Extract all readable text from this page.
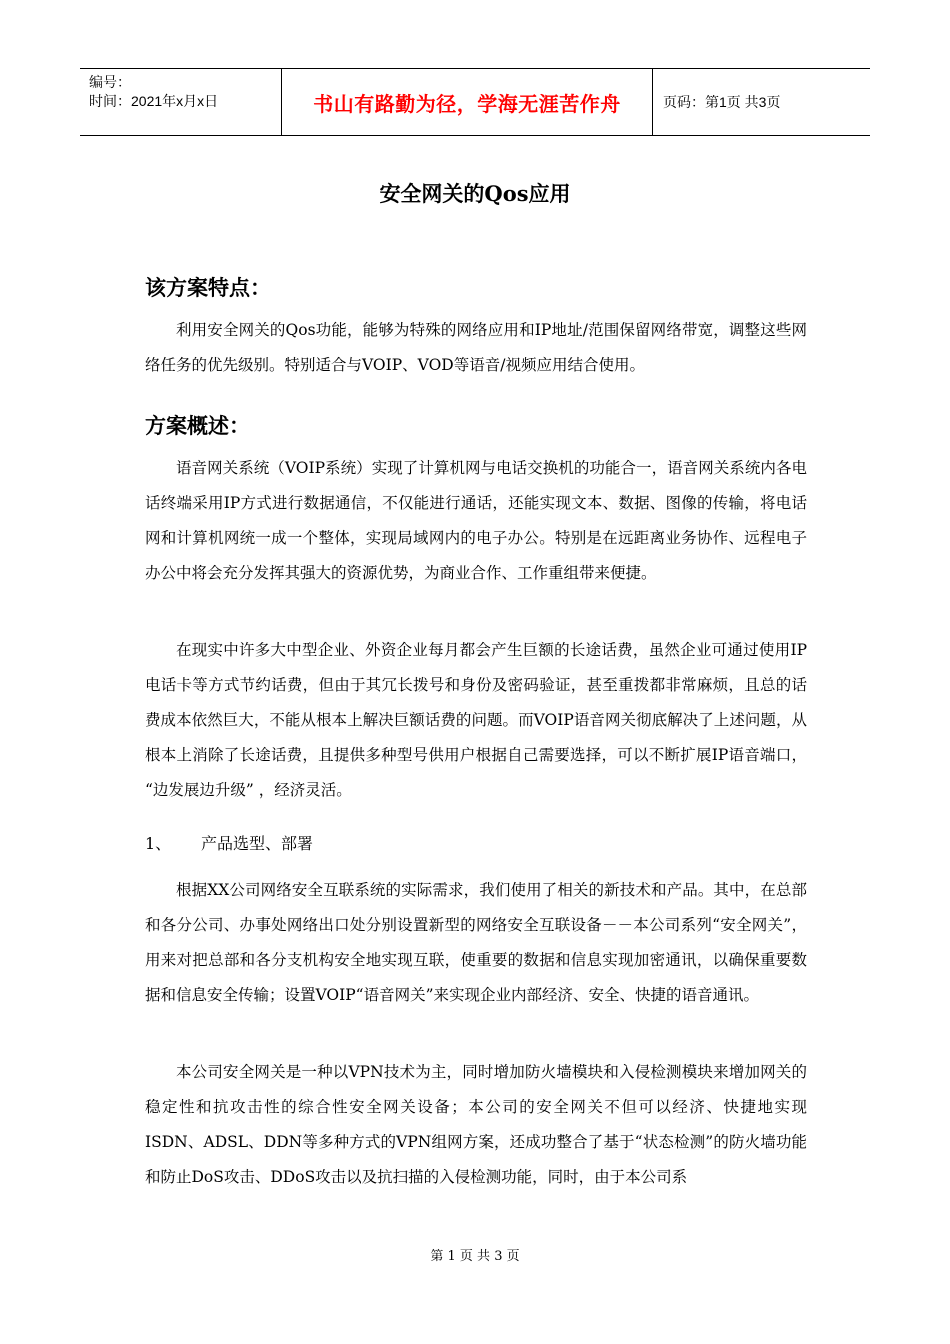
编号：
时间：2021年x月x日	书山有路勤为径，学海无涯苦作舟	页码：第1页 共3页
安全网关的Qos应用
该方案特点：

利用安全网关的Qos功能，能够为特殊的网络应用和IP地址/范围保留网络带宽，调整这些网络任务的优先级别。特别适合与VOIP、VOD等语音/视频应用结合使用。

方案概述：

语音网关系统（VOIP系统）实现了计算机网与电话交换机的功能合一，语音网关系统内各电话终端采用IP方式进行数据通信，不仅能进行通话，还能实现文本、数据、图像的传输，将电话网和计算机网统一成一个整体，实现局域网内的电子办公。特别是在远距离业务协作、远程电子办公中将会充分发挥其强大的资源优势，为商业合作、工作重组带来便捷。

在现实中许多大中型企业、外资企业每月都会产生巨额的长途话费，虽然企业可通过使用IP电话卡等方式节约话费，但由于其冗长拨号和身份及密码验证，甚至重拨都非常麻烦，且总的话费成本依然巨大，不能从根本上解决巨额话费的问题。而VOIP语音网关彻底解决了上述问题，从根本上消除了长途话费，且提供多种型号供用户根据自己需要选择，可以不断扩展IP语音端口， “边发展边升级” ，经济灵活。

1、 产品选型、部署

根据XX公司网络安全互联系统的实际需求，我们使用了相关的新技术和产品。其中，在总部和各分公司、办事处网络出口处分别设置新型的网络安全互联设备－－本公司系列“安全网关”，用来对把总部和各分支机构安全地实现互联，使重要的数据和信息实现加密通讯，以确保重要数据和信息安全传输；设置VOIP“语音网关”来实现企业内部经济、安全、快捷的语音通讯。

本公司安全网关是一种以VPN技术为主，同时增加防火墙模块和入侵检测模块来增加网关的稳定性和抗攻击性的综合性安全网关设备；本公司的安全网关不但可以经济、快捷地实现ISDN、ADSL、DDN等多种方式的VPN组网方案，还成功整合了基于“状态检测”的防火墙功能和防止DoS攻击、DDoS攻击以及抗扫描的入侵检测功能，同时，由于本公司系

第 1 页 共 3 页
